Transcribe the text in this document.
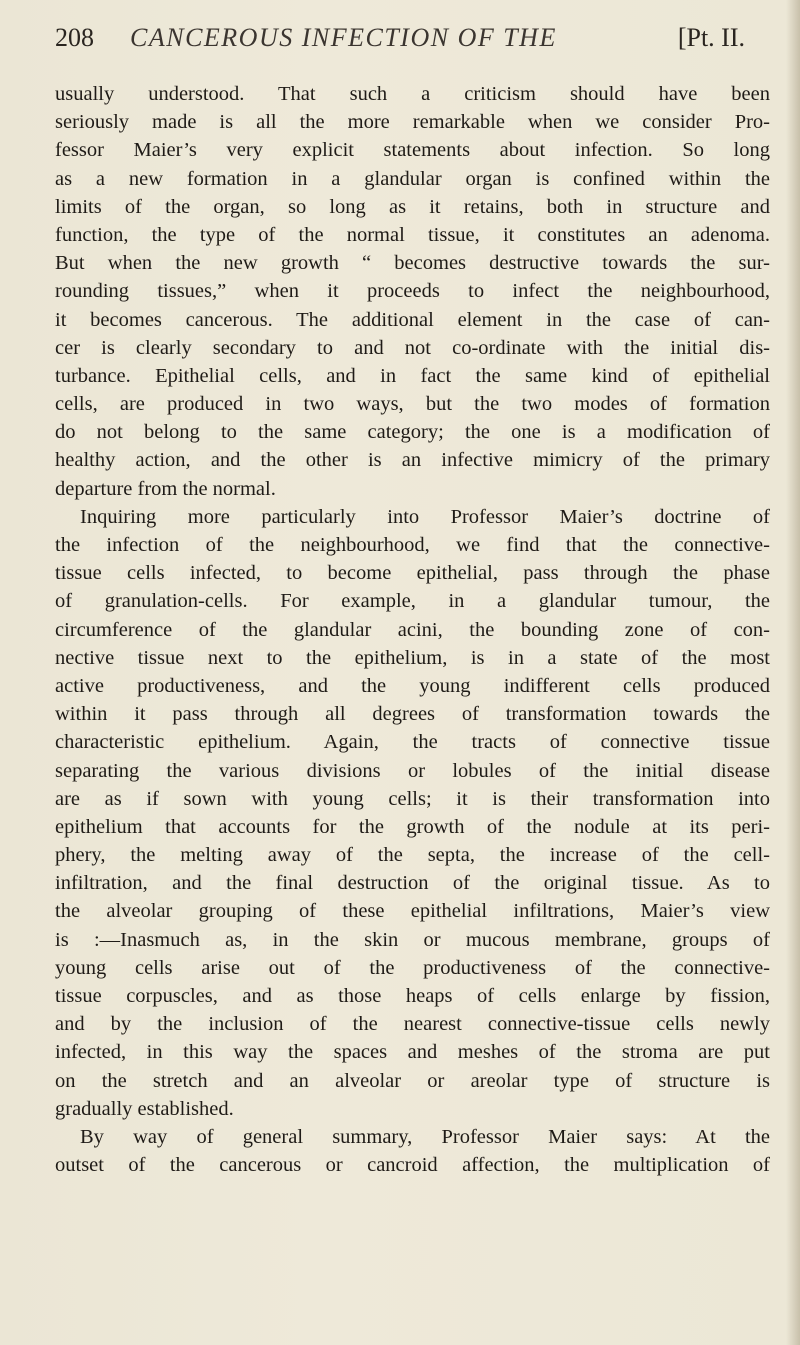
208 CANCEROUS INFECTION OF THE	[Pt. II.
usually understood. That such a criticism should have been
seriously made is all the more remarkable when we consider Pro-
fessor Maier’s very explicit statements about infection. So long
as a new formation in a glandular organ is confined within the
limits of the organ, so long as it retains, both in structure and
function, the type of the normal tissue, it constitutes an adenoma.
But when the new growth “ becomes destructive towards the sur-
rounding tissues,” when it proceeds to infect the neighbourhood,
it becomes cancerous. The additional element in the case of can-
cer is clearly secondary to and not co-ordinate with the initial dis-
turbance. Epithelial cells, and in fact the same kind of epithelial
cells, are produced in two ways, but the two modes of formation
do not belong to the same category; the one is a modification of
healthy action, and the other is an infective mimicry of the primary
departure from the normal.
Inquiring more particularly into Professor Maier’s doctrine of
the infection of the neighbourhood, we find that the connective-
tissue cells infected, to become epithelial, pass through the phase
of granulation-cells. For example, in a glandular tumour, the
circumference of the glandular acini, the bounding zone of con-
nective tissue next to the epithelium, is in a state of the most
active productiveness, and the young indifferent cells produced
within it pass through all degrees of transformation towards the
characteristic epithelium. Again, the tracts of connective tissue
separating the various divisions or lobules of the initial disease
are as if sown with young cells; it is their transformation into
epithelium that accounts for the growth of the nodule at its peri-
phery, the melting away of the septa, the increase of the cell-
infiltration, and the final destruction of the original tissue. As to
the alveolar grouping of these epithelial infiltrations, Maier’s view
is :—Inasmuch as, in the skin or mucous membrane, groups of
young cells arise out of the productiveness of the connective-
tissue corpuscles, and as those heaps of cells enlarge by fission,
and by the inclusion of the nearest connective-tissue cells newly
infected, in this way the spaces and meshes of the stroma are put
on the stretch and an alveolar or areolar type of structure is
gradually established.
By way of general summary, Professor Maier says: At the
outset of the cancerous or cancroid affection, the multiplication of
